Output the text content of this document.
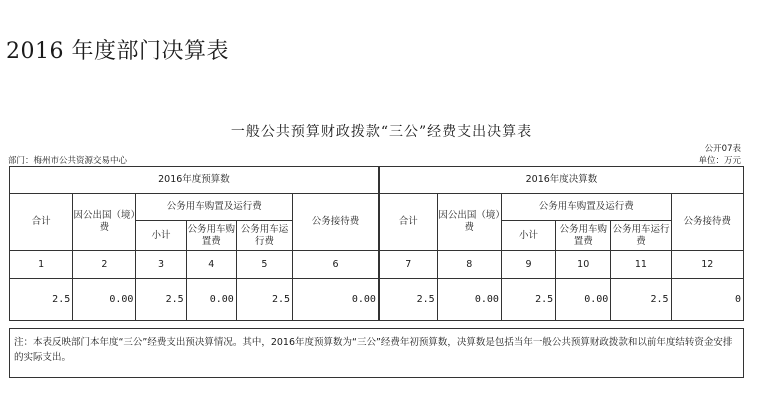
2016 年度部门决算表
一般公共预算财政拨款“三公”经费支出决算表
公开07表
部门：梅州市公共资源交易中心	单位：万元
2016年度预算数						2016年度决算数					
合计	因公出国（境）费	公务用车购置及运行费			公务接待费	合计	因公出国（境）费	公务用车购置及运行费			公务接待费
		小计	公务用车购置费	公务用车运行费				小计	公务用车购置费	公务用车运行费	
1	2	3	4	5	6	7	8	9	10	11	12
2.5	0.00	2.5	0.00	2.5	0.00	2.5	0.00	2.5	0.00	2.5	0
注：本表反映部门本年度“三公”经费支出预决算情况。其中，2016年度预算数为“三公”经费年初预算数，决算数是包括当年一般公共预算财政拨款和以前年度结转资金安排的实际支出。
